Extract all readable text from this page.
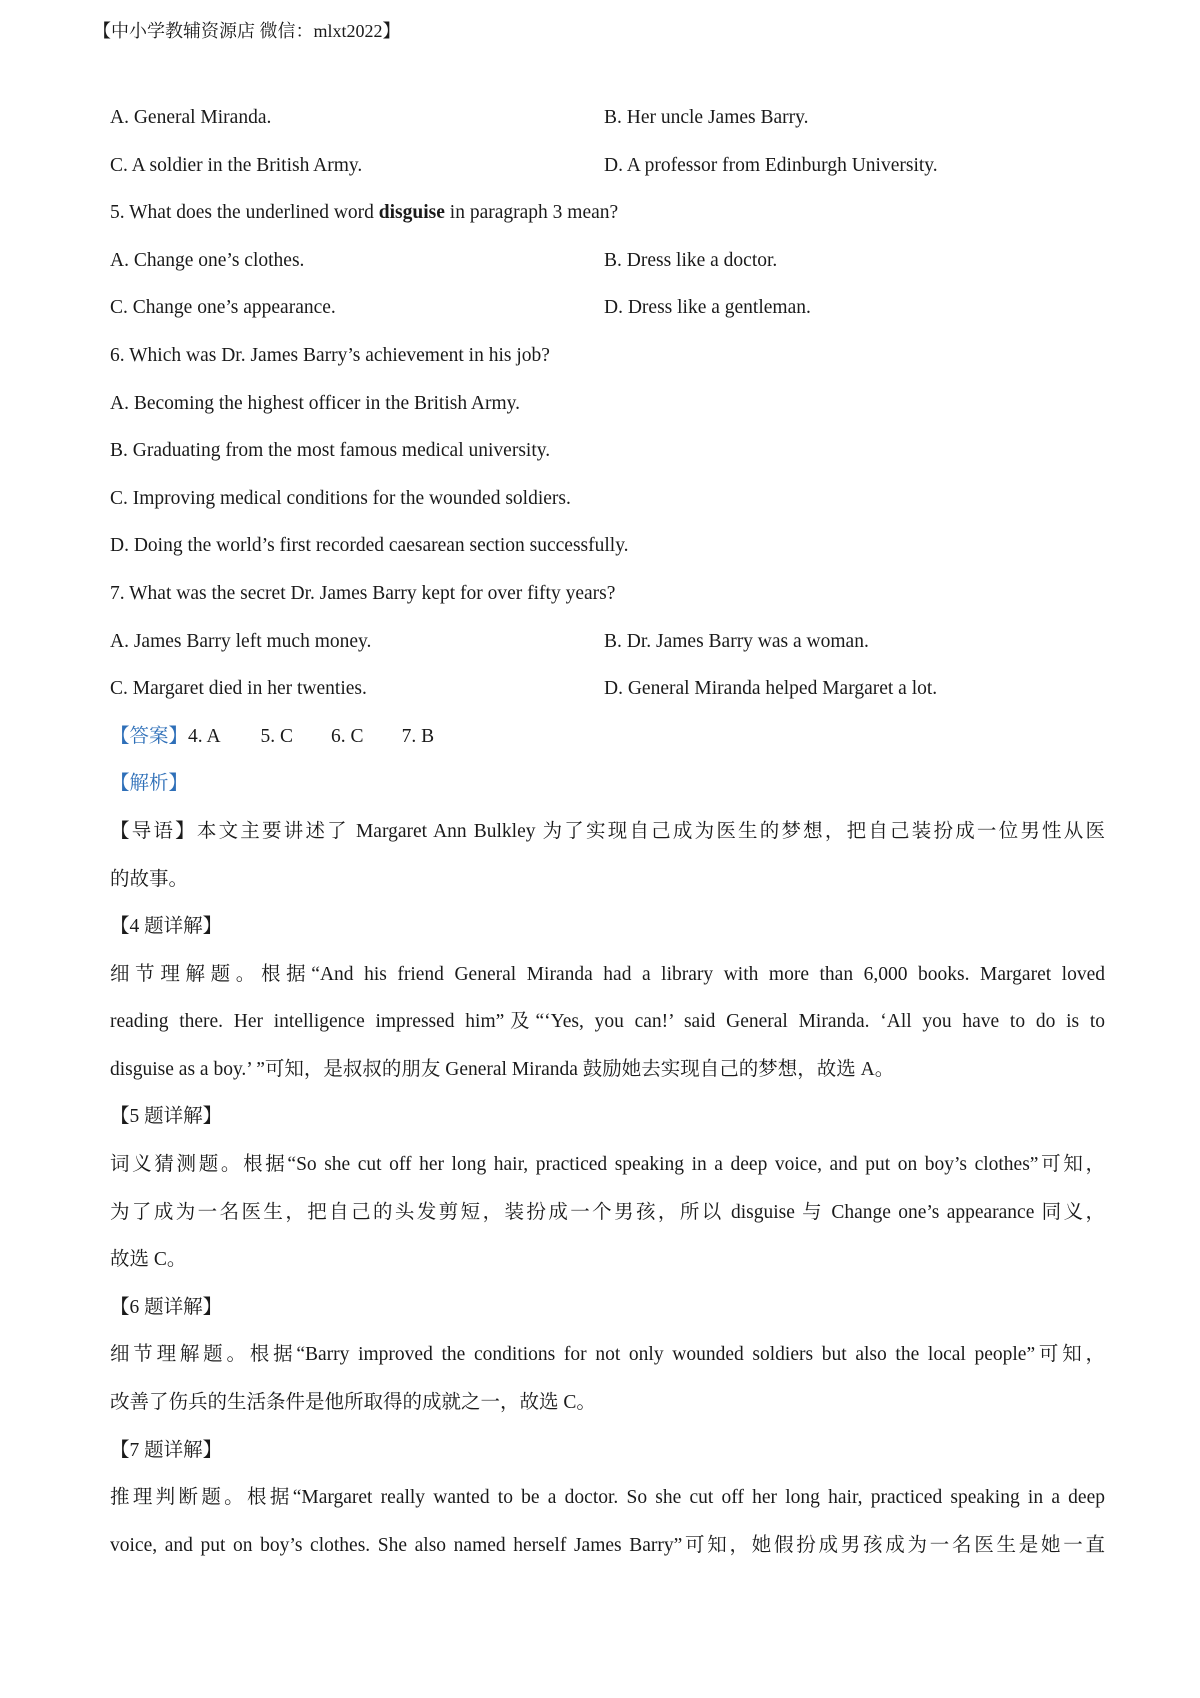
【中小学教辅资源店 微信：mlxt2022】
A. General Miranda.	B. Her uncle James Barry.
C. A soldier in the British Army.	D. A professor from Edinburgh University.
5. What does the underlined word disguise in paragraph 3 mean?
A. Change one’s clothes.	B. Dress like a doctor.
C. Change one’s appearance.	D. Dress like a gentleman.
6. Which was Dr. James Barry’s achievement in his job?
A. Becoming the highest officer in the British Army.
B. Graduating from the most famous medical university.
C. Improving medical conditions for the wounded soldiers.
D. Doing the world’s first recorded caesarean section successfully.
7. What was the secret Dr. James Barry kept for over fifty years?
A. James Barry left much money.	B. Dr. James Barry was a woman.
C. Margaret died in her twenties.	D. General Miranda helped Margaret a lot.
【答案】4. A 5. C 6. C 7. B
【解析】
【导语】本文主要讲述了 Margaret Ann Bulkley 为了实现自己成为医生的梦想，把自己装扮成一位男性从医
的故事。
【4 题详解】
细节理解题。根据“And his friend General Miranda had a library with more than 6,000 books. Margaret loved
reading there. Her intelligence impressed him”及“‘Yes, you can!’ said General Miranda. ‘All you have to do is to
disguise as a boy.’ ”可知，是叔叔的朋友 General Miranda 鼓励她去实现自己的梦想，故选 A。
【5 题详解】
词义猜测题。根据“So she cut off her long hair, practiced speaking in a deep voice, and put on boy’s clothes”可知，
为了成为一名医生，把自己的头发剪短，装扮成一个男孩，所以 disguise 与 Change one’s appearance 同义，
故选 C。
【6 题详解】
细节理解题。根据“Barry improved the conditions for not only wounded soldiers but also the local people”可知，
改善了伤兵的生活条件是他所取得的成就之一，故选 C。
【7 题详解】
推理判断题。根据“Margaret really wanted to be a doctor. So she cut off her long hair, practiced speaking in a deep
voice, and put on boy’s clothes. She also named herself James Barry”可知，她假扮成男孩成为一名医生是她一直
